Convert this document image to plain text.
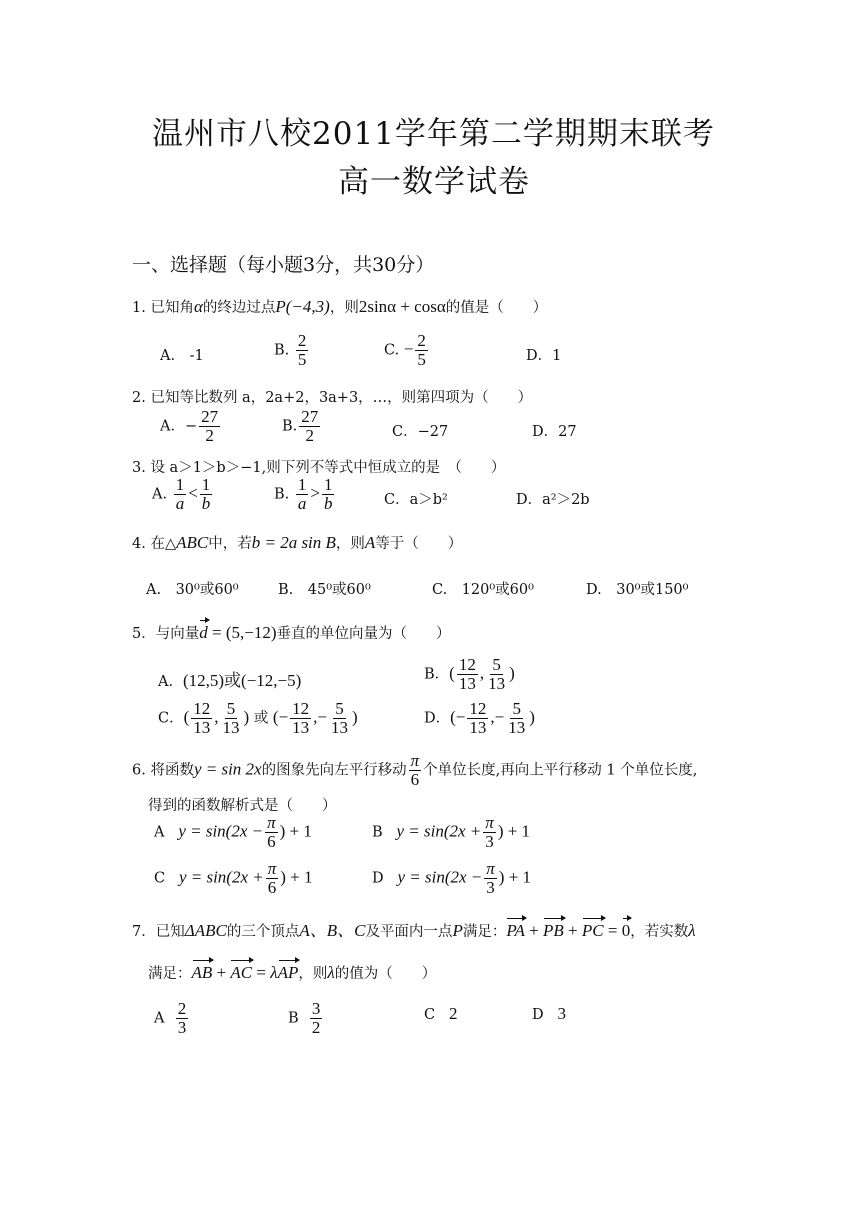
温州市八校2011学年第二学期期末联考
高一数学试卷
一、选择题（每小题3分，共30分）
1. 已知角α的终边过点P(−4,3)，则2sinα + cosα的值是（　　）
A.　-1	B. $\frac{2}{5}$	C. − $\frac{2}{5}$	D．1
2. 已知等比数列 a，2a+2，3a+3，…，则第四项为（　　）
A．− $\frac{27}{2}$	B. $\frac{27}{2}$	C．−27	D．27
3. 设 a＞1＞b＞−1,则下列不等式中恒成立的是　（　　）
A. $\frac{1}{a} < \frac{1}{b}$	B. $\frac{1}{a} > \frac{1}{b}$	C．a＞b²	D．a²＞2b
4. 在△ABC中，若b = 2a sin B，则A等于（　　）
A.　30⁰或60⁰	B.　45⁰或60⁰	C.　120⁰或60⁰	D.　30⁰或150⁰
5．与向量d = (5,−12)垂直的单位向量为（　　）
A．(12,5)或(−12,−5)	B．( $\frac{12}{13}$ , $\frac{5}{13}$ )
C．( $\frac{12}{13}$ , $\frac{5}{13}$ ) 或 (− $\frac{12}{13}$ ,− $\frac{5}{13}$ )	D．(− $\frac{12}{13}$ ,− $\frac{5}{13}$ )
6. 将函数y = sin 2x的图象先向左平行移动 $\frac{\pi}{6}$ 个单位长度,再向上平行移动 1 个单位长度,
得到的函数解析式是（　　）
A $y = \sin(2x - \frac{\pi}{6}$ ) + 1	B $y = \sin(2x + \frac{\pi}{3}$ ) + 1
C $y = \sin(2x + \frac{\pi}{6}$ ) + 1	D $y = \sin(2x - \frac{\pi}{3}$ ) + 1
7．已知ΔABC的三个顶点A、B、C及平面内一点P满足：PA + PB + PC = 0，若实数λ
满足：AB + AC = λAP，则λ的值为（　　）
A $\frac{2}{3}$	B $\frac{3}{2}$	C 2	D 3
